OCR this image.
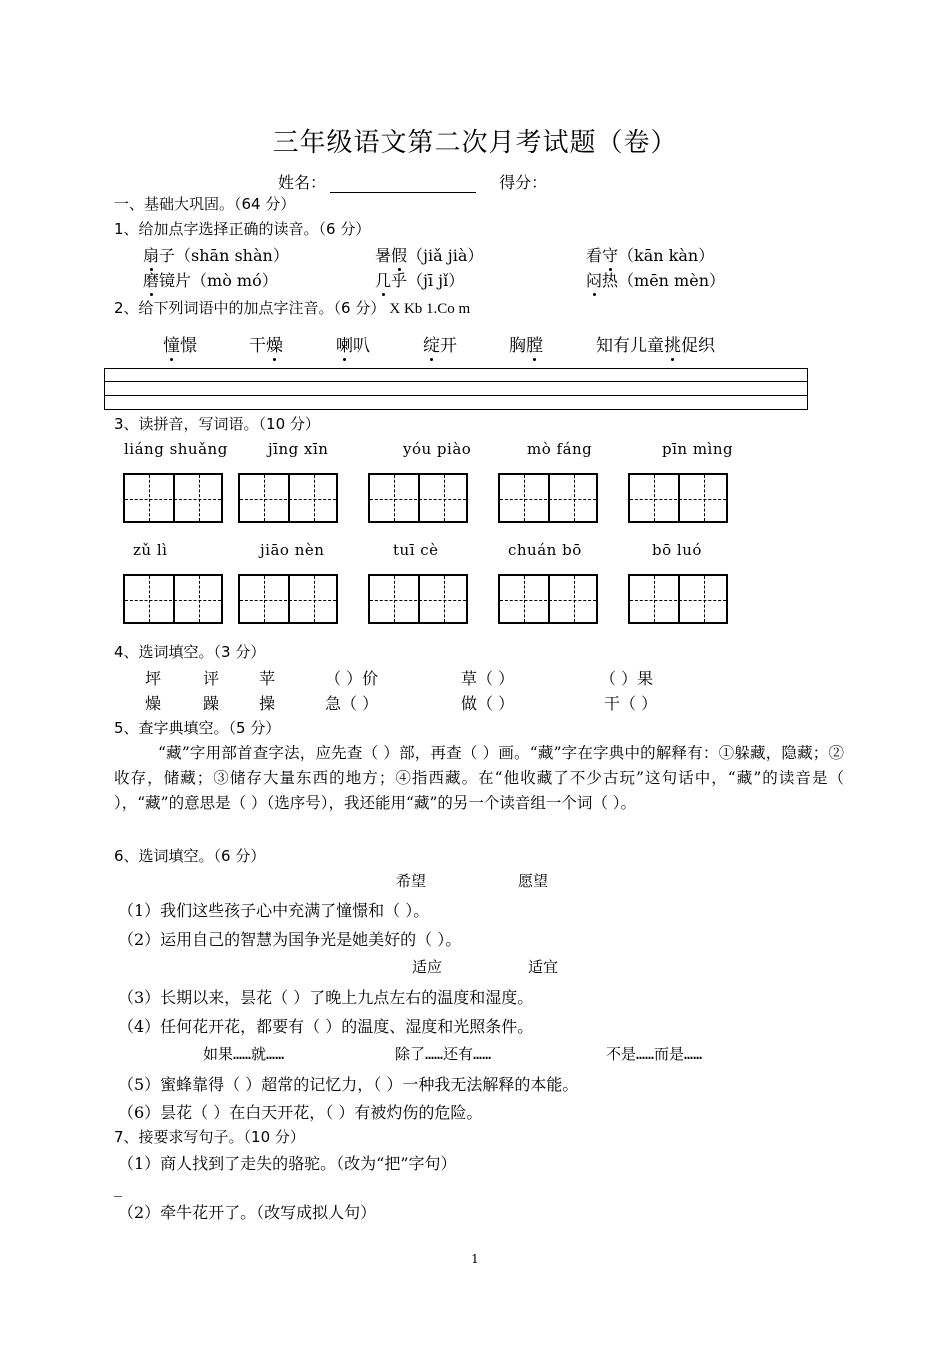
三年级语文第二次月考试题（卷）
姓名：	得分：
一、基础大巩固。（64 分）
1、给加点字选择正确的读音。（6 分）
扇子（shān shàn）	暑假（jiǎ jià）	看守（kān kàn）
磨镜片（mò mó）	几乎（jī jǐ）	闷热（mēn mèn）
2、给下列词语中的加点字注音。（6 分） X Kb 1.Co m
憧憬	干燥	喇叭	绽开	胸膛	知有儿童挑促织
3、读拼音，写词语。（10 分）
liáng shuǎng	jīng xīn	yóu piào	mò fáng	pīn mìng
zǔ lì	jiāo nèn	tuī cè	chuán bō	bō luó
4、选词填空。（3 分）
坪	评 苹	（ ）价	草（ ）	（ ）果
燥	躁 操	急（ ）	做（ ）	干（ ）
5、查字典填空。（5 分）
“藏”字用部首查字法，应先查（ ）部，再查（ ）画。“藏”字在字典中的解释有：①躲藏，隐藏；②收存，储藏；③储存大量东西的地方；④指西藏。在“他收藏了不少古玩”这句话中，“藏”的读音是（ ），“藏”的意思是（ ）（选序号），我还能用“藏”的另一个读音组一个词（ ）。
6、选词填空。（6 分）
希望	愿望
（1）我们这些孩子心中充满了憧憬和（ ）。
（2）运用自己的智慧为国争光是她美好的（ ）。
适应	适宜
（3）长期以来，昙花（ ）了晚上九点左右的温度和湿度。
（4）任何花开花，都要有（ ）的温度、湿度和光照条件。
如果……就……	除了……还有……	不是……而是……
（5）蜜蜂靠得（ ）超常的记忆力，（ ）一种我无法解释的本能。
（6）昙花（ ）在白天开花，（ ）有被灼伤的危险。
7、接要求写句子。（10 分）
（1）商人找到了走失的骆驼。（改为“把”字句）
_
（2）牵牛花开了。（改写成拟人句）
1
